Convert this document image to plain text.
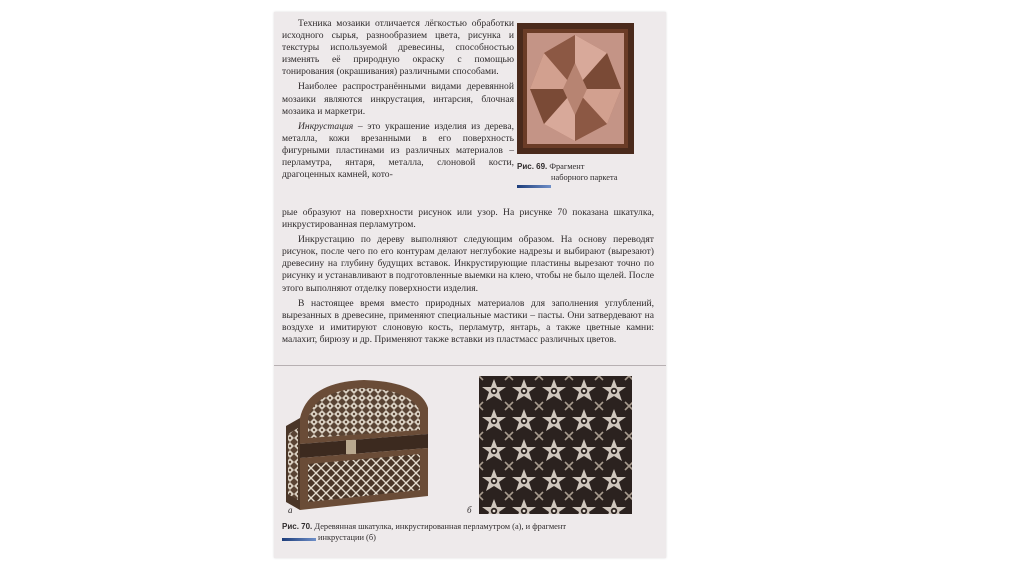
Техника мозаики отличается лёгкостью обработки исходного сырья, разнообразием цвета, рисунка и текстуры используемой древесины, способностью изменять её природную окраску с помощью тонирования (окрашивания) различными способами.

Наиболее распространёнными видами деревянной мозаики являются инкрустация, интарсия, блочная мозаика и маркетри.

Инкрустация – это украшение изделия из дерева, металла, кожи врезанными в его поверхность фигурными пластинами из различных материалов – перламутра, янтаря, металла, слоновой кости, драгоценных камней, кото-

Рис. 69. Фрагмент
наборного паркета

рые образуют на поверхности рисунок или узор. На рисунке 70 показана шкатулка, инкрустированная перламутром.

Инкрустацию по дереву выполняют следующим образом. На основу переводят рисунок, после чего по его контурам делают неглубокие надрезы и выбирают (вырезают) древесину на глубину будущих вставок. Инкрустирующие пластины вырезают точно по рисунку и устанавливают в подготовленные выемки на клею, чтобы не было щелей. После этого выполняют отделку поверхности изделия.

В настоящее время вместо природных материалов для заполнения углублений, вырезанных в древесине, применяют специальные мастики – пасты. Они затвердевают на воздухе и имитируют слоновую кость, перламутр, янтарь, а также цветные камни: малахит, бирюзу и др. Применяют также вставки из пластмасс различных цветов.

а	б
Рис. 70. Деревянная шкатулка, инкрустированная перламутром (а), и фрагмент
инкрустации (б)
